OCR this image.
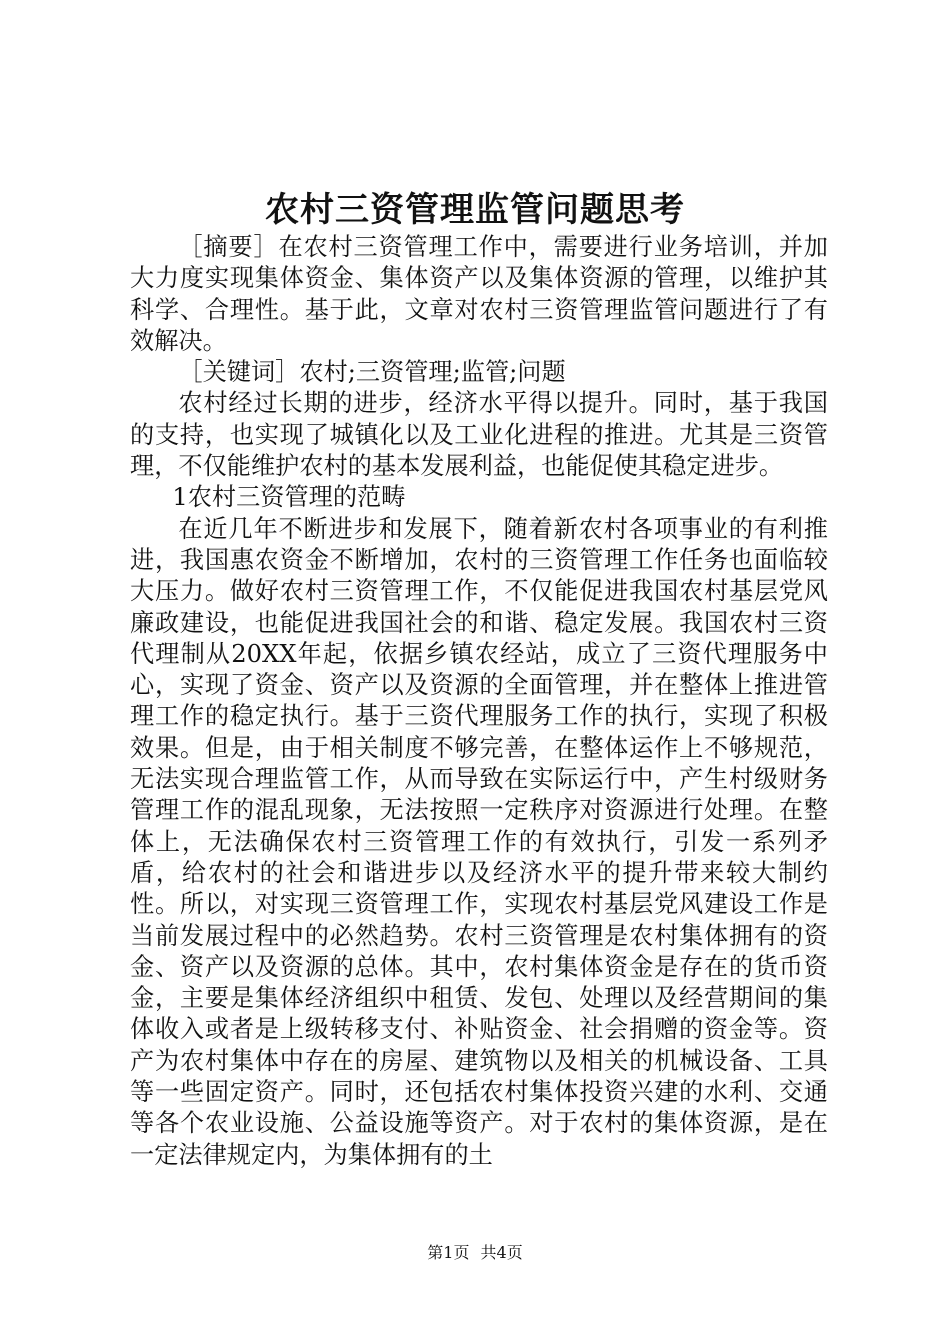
农村三资管理监管问题思考

［摘要］在农村三资管理工作中，需要进行业务培训，并加大力度实现集体资金、集体资产以及集体资源的管理，以维护其科学、合理性。基于此，文章对农村三资管理监管问题进行了有效解决。

［关键词］农村;三资管理;监管;问题

农村经过长期的进步，经济水平得以提升。同时，基于我国的支持，也实现了城镇化以及工业化进程的推进。尤其是三资管理，不仅能维护农村的基本发展利益，也能促使其稳定进步。

1农村三资管理的范畴

在近几年不断进步和发展下，随着新农村各项事业的有利推进，我国惠农资金不断增加，农村的三资管理工作任务也面临较大压力。做好农村三资管理工作，不仅能促进我国农村基层党风廉政建设，也能促进我国社会的和谐、稳定发展。我国农村三资代理制从20XX年起，依据乡镇农经站，成立了三资代理服务中心，实现了资金、资产以及资源的全面管理，并在整体上推进管理工作的稳定执行。基于三资代理服务工作的执行，实现了积极效果。但是，由于相关制度不够完善，在整体运作上不够规范，无法实现合理监管工作，从而导致在实际运行中，产生村级财务管理工作的混乱现象，无法按照一定秩序对资源进行处理。在整体上，无法确保农村三资管理工作的有效执行，引发一系列矛盾，给农村的社会和谐进步以及经济水平的提升带来较大制约性。所以，对实现三资管理工作，实现农村基层党风建设工作是当前发展过程中的必然趋势。农村三资管理是农村集体拥有的资金、资产以及资源的总体。其中，农村集体资金是存在的货币资金，主要是集体经济组织中租赁、发包、处理以及经营期间的集体收入或者是上级转移支付、补贴资金、社会捐赠的资金等。资产为农村集体中存在的房屋、建筑物以及相关的机械设备、工具等一些固定资产。同时，还包括农村集体投资兴建的水利、交通等各个农业设施、公益设施等资产。对于农村的集体资源，是在一定法律规定内，为集体拥有的土

第1页 共4页
